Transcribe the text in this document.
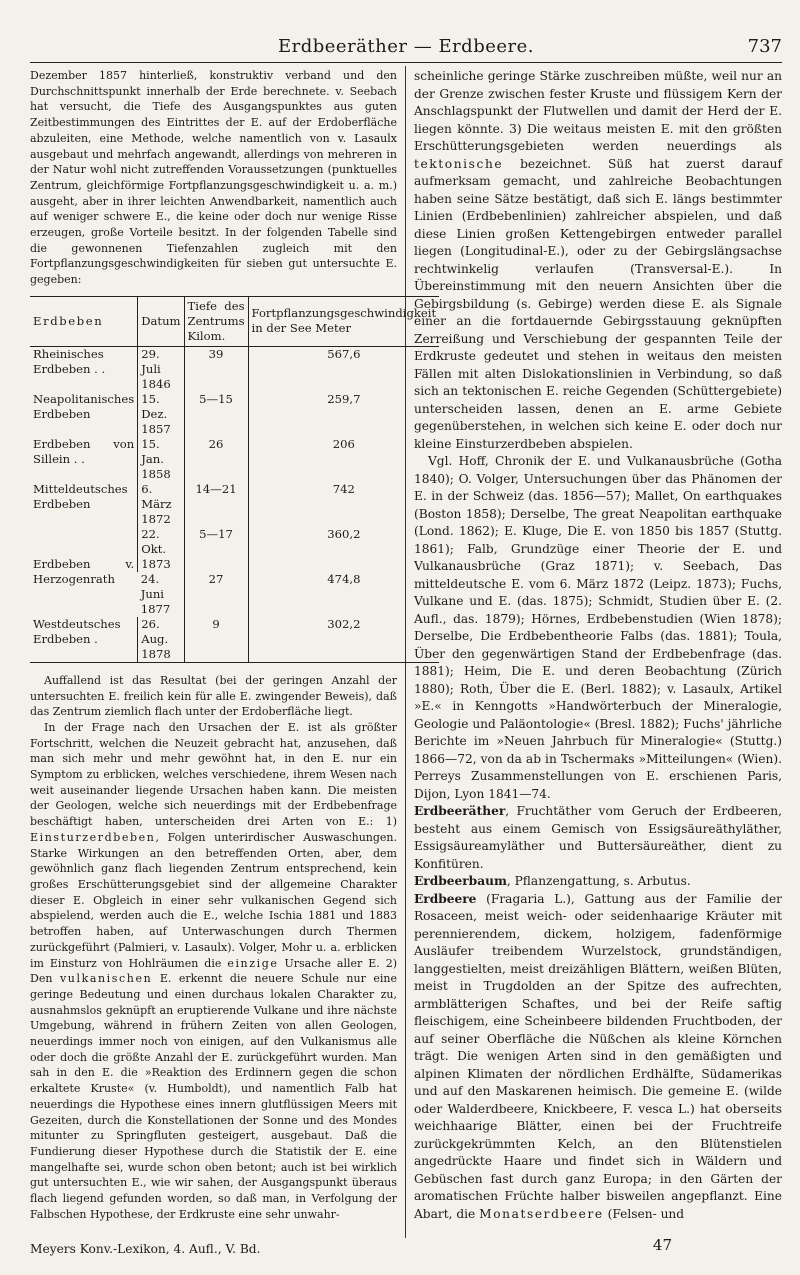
Erdbeeräther — Erdbeere.	737

Dezember 1857 hinterließ, konstruktiv verband und den Durchschnittspunkt innerhalb der Erde berechnete. v. Seebach hat versucht, die Tiefe des Ausgangspunktes aus guten Zeitbestimmungen des Eintrittes der E. auf der Erdoberfläche abzuleiten, eine Methode, welche namentlich von v. Lasaulx ausgebaut und mehrfach angewandt, allerdings von mehreren in der Natur wohl nicht zutreffenden Voraussetzungen (punktuelles Zentrum, gleichförmige Fortpflanzungsgeschwindigkeit u. a. m.) ausgeht, aber in ihrer leichten Anwendbarkeit, namentlich auch auf weniger schwere E., die keine oder doch nur wenige Risse erzeugen, große Vorteile besitzt. In der folgenden Tabelle sind die gewonnenen Tiefenzahlen zugleich mit den Fortpflanzungsgeschwindigkeiten für sieben gut untersuchte E. gegeben:

Erdbeben	Datum	Tiefe des Zentrums Kilom.	Fortpflanzungsgeschwindigkeit in der See Meter
Rheinisches Erdbeben . .	29. Juli 1846	39	567,6
Neapolitanisches Erdbeben	15. Dez. 1857	5—15	259,7
Erdbeben von Sillein . .	15. Jan. 1858	26	206
Mitteldeutsches Erdbeben	6. März 1872	14—21	742
Erdbeben v. Herzogenrath	22. Okt. 1873	5—17	360,2
	24. Juni 1877	27	474,8
Westdeutsches Erdbeben .	26. Aug. 1878	9	302,2

Auffallend ist das Resultat (bei der geringen Anzahl der untersuchten E. freilich kein für alle E. zwingender Beweis), daß das Zentrum ziemlich flach unter der Erdoberfläche liegt.

In der Frage nach den Ursachen der E. ist als größter Fortschritt, welchen die Neuzeit gebracht hat, anzusehen, daß man sich mehr und mehr gewöhnt hat, in den E. nur ein Symptom zu erblicken, welches verschiedene, ihrem Wesen nach weit auseinander liegende Ursachen haben kann. Die meisten der Geologen, welche sich neuerdings mit der Erdbebenfrage beschäftigt haben, unterscheiden drei Arten von E.: 1) Einsturzerdbeben, Folgen unterirdischer Auswaschungen. Starke Wirkungen an den betreffenden Orten, aber, dem gewöhnlich ganz flach liegenden Zentrum entsprechend, kein großes Erschütterungsgebiet sind der allgemeine Charakter dieser E. Obgleich in einer sehr vulkanischen Gegend sich abspielend, werden auch die E., welche Ischia 1881 und 1883 betroffen haben, auf Unterwaschungen durch Thermen zurückgeführt (Palmieri, v. Lasaulx). Volger, Mohr u. a. erblicken im Einsturz von Hohlräumen die einzige Ursache aller E. 2) Den vulkanischen E. erkennt die neuere Schule nur eine geringe Bedeutung und einen durchaus lokalen Charakter zu, ausnahmslos geknüpft an eruptierende Vulkane und ihre nächste Umgebung, während in frühern Zeiten von allen Geologen, neuerdings immer noch von einigen, auf den Vulkanismus alle oder doch die größte Anzahl der E. zurückgeführt wurden. Man sah in den E. die »Reaktion des Erdinnern gegen die schon erkaltete Kruste« (v. Humboldt), und namentlich Falb hat neuerdings die Hypothese eines innern glutflüssigen Meers mit Gezeiten, durch die Konstellationen der Sonne und des Mondes mitunter zu Springfluten gesteigert, ausgebaut. Daß die Fundierung dieser Hypothese durch die Statistik der E. eine mangelhafte sei, wurde schon oben betont; auch ist bei wirklich gut untersuchten E., wie wir sahen, der Ausgangspunkt überaus flach liegend gefunden worden, so daß man, in Verfolgung der Falbschen Hypothese, der Erdkruste eine sehr unwahr-

scheinliche geringe Stärke zuschreiben müßte, weil nur an der Grenze zwischen fester Kruste und flüssigem Kern der Anschlagspunkt der Flutwellen und damit der Herd der E. liegen könnte. 3) Die weitaus meisten E. mit den größten Erschütterungsgebieten werden neuerdings als tektonische bezeichnet. Süß hat zuerst darauf aufmerksam gemacht, und zahlreiche Beobachtungen haben seine Sätze bestätigt, daß sich E. längs bestimmter Linien (Erdbebenlinien) zahlreicher abspielen, und daß diese Linien großen Kettengebirgen entweder parallel liegen (Longitudinal-E.), oder zu der Gebirgslängsachse rechtwinkelig verlaufen (Transversal-E.). In Übereinstimmung mit den neuern Ansichten über die Gebirgsbildung (s. Gebirge) werden diese E. als Signale einer an die fortdauernde Gebirgsstauung geknüpften Zerreißung und Verschiebung der gespannten Teile der Erdkruste gedeutet und stehen in weitaus den meisten Fällen mit alten Dislokationslinien in Verbindung, so daß sich an tektonischen E. reiche Gegenden (Schüttergebiete) unterscheiden lassen, denen an E. arme Gebiete gegenüberstehen, in welchen sich keine E. oder doch nur kleine Einsturzerdbeben abspielen.

Vgl. Hoff, Chronik der E. und Vulkanausbrüche (Gotha 1840); O. Volger, Untersuchungen über das Phänomen der E. in der Schweiz (das. 1856—57); Mallet, On earthquakes (Boston 1858); Derselbe, The great Neapolitan earthquake (Lond. 1862); E. Kluge, Die E. von 1850 bis 1857 (Stuttg. 1861); Falb, Grundzüge einer Theorie der E. und Vulkanausbrüche (Graz 1871); v. Seebach, Das mitteldeutsche E. vom 6. März 1872 (Leipz. 1873); Fuchs, Vulkane und E. (das. 1875); Schmidt, Studien über E. (2. Aufl., das. 1879); Hörnes, Erdbebenstudien (Wien 1878); Derselbe, Die Erdbebentheorie Falbs (das. 1881); Toula, Über den gegenwärtigen Stand der Erdbebenfrage (das. 1881); Heim, Die E. und deren Beobachtung (Zürich 1880); Roth, Über die E. (Berl. 1882); v. Lasaulx, Artikel »E.« in Kenngotts »Handwörterbuch der Mineralogie, Geologie und Paläontologie« (Bresl. 1882); Fuchs' jährliche Berichte im »Neuen Jahrbuch für Mineralogie« (Stuttg.) 1866—72, von da ab in Tschermaks »Mitteilungen« (Wien). Perreys Zusammenstellungen von E. erschienen Paris, Dijon, Lyon 1841—74.

Erdbeeräther, Fruchtäther vom Geruch der Erdbeeren, besteht aus einem Gemisch von Essigsäureäthyläther, Essigsäureamyläther und Buttersäureäther, dient zu Konfitüren.

Erdbeerbaum, Pflanzengattung, s. Arbutus.

Erdbeere (Fragaria L.), Gattung aus der Familie der Rosaceen, meist weich- oder seidenhaarige Kräuter mit perennierendem, dickem, holzigem, fadenförmige Ausläufer treibendem Wurzelstock, grundständigen, langgestielten, meist dreizähligen Blättern, weißen Blüten, meist in Trugdolden an der Spitze des aufrechten, armblätterigen Schaftes, und bei der Reife saftig fleischigem, eine Scheinbeere bildenden Fruchtboden, der auf seiner Oberfläche die Nüßchen als kleine Körnchen trägt. Die wenigen Arten sind in den gemäßigten und alpinen Klimaten der nördlichen Erdhälfte, Südamerikas und auf den Maskarenen heimisch. Die gemeine E. (wilde oder Walderdbeere, Knickbeere, F. vesca L.) hat oberseits weichhaarige Blätter, einen bei der Fruchtreife zurückgekrümmten Kelch, an den Blütenstielen angedrückte Haare und findet sich in Wäldern und Gebüschen fast durch ganz Europa; in den Gärten der aromatischen Früchte halber bisweilen angepflanzt. Eine Abart, die Monatserdbeere (Felsen- und

Meyers Konv.-Lexikon, 4. Aufl., V. Bd.	47
